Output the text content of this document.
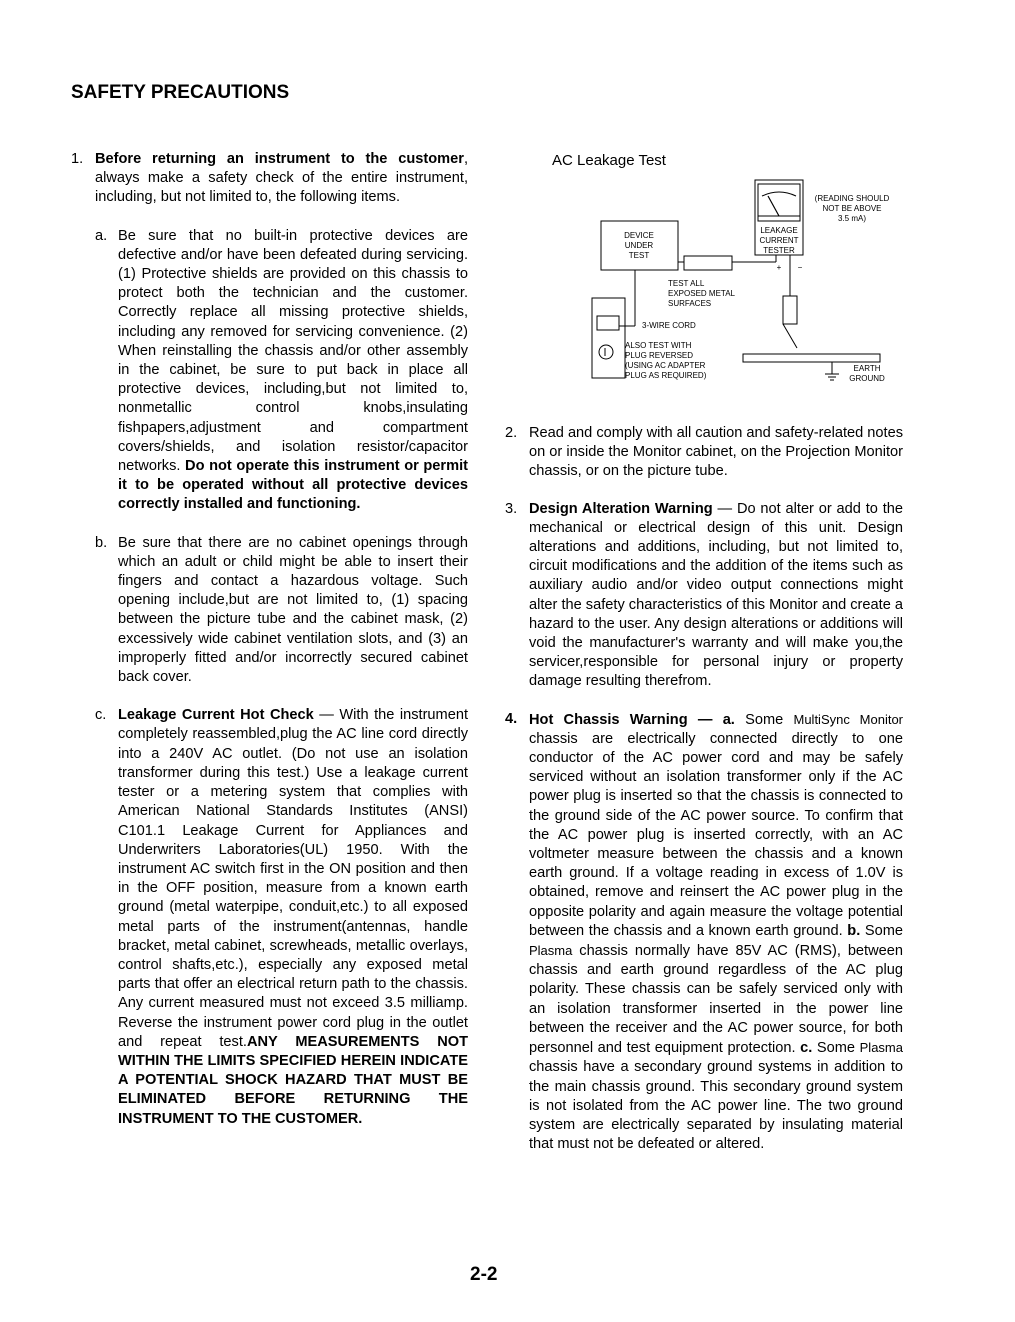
SAFETY PRECAUTIONS
1. Before returning an instrument to the customer, always make a safety check of the entire instrument, including, but not limited to, the following items.
a. Be sure that no built-in protective devices are defective and/or have been defeated during servicing. (1) Protective shields are provided on this chassis to protect both the technician and the customer. Correctly replace all missing protective shields, including any removed for servicing convenience. (2) When reinstalling the chassis and/or other assembly in the cabinet, be sure to put back in place all protective devices, including,but not limited to, nonmetallic control knobs,insulating fishpapers,adjustment and compartment covers/shields, and isolation resistor/capacitor networks. Do not operate this instrument or permit it to be operated without all protective devices correctly installed and functioning.
b. Be sure that there are no cabinet openings through which an adult or child might be able to insert their fingers and contact a hazardous voltage. Such opening include,but are not limited to, (1) spacing between the picture tube and the cabinet mask, (2) excessively wide cabinet ventilation slots, and (3) an improperly fitted and/or incorrectly secured cabinet back cover.
c. Leakage Current Hot Check — With the instrument completely reassembled,plug the AC line cord directly into a 240V AC outlet. (Do not use an isolation transformer during this test.) Use a leakage current tester or a metering system that complies with American National Standards Institutes (ANSI) C101.1 Leakage Current for Appliances and Underwriters Laboratories(UL) 1950. With the instrument AC switch first in the ON position and then in the OFF position, measure from a known earth ground (metal waterpipe, conduit,etc.) to all exposed metal parts of the instrument(antennas, handle bracket, metal cabinet, screwheads, metallic overlays, control shafts,etc.), especially any exposed metal parts that offer an electrical return path to the chassis. Any current measured must not exceed 3.5 milliamp. Reverse the instrument power cord plug in the outlet and repeat test.ANY MEASUREMENTS NOT WITHIN THE LIMITS SPECIFIED HEREIN INDICATE A POTENTIAL SHOCK HAZARD THAT MUST BE ELIMINATED BEFORE RETURNING THE INSTRUMENT TO THE CUSTOMER.

AC Leakage Test

DEVICE
UNDER
TEST
LEAKAGE
CURRENT
TESTER
(READING SHOULD
NOT BE ABOVE
3.5 mA)
+ −
EARTH
GROUND
TEST ALL
EXPOSED METAL
SURFACES
3-WIRE CORD
ALSO TEST WITH
PLUG REVERSED
(USING AC ADAPTER
PLUG AS REQUIRED)
2. Read and comply with all caution and safety-related notes on or inside the Monitor cabinet, on the Projection Monitor chassis, or on the picture tube.
3. Design Alteration Warning — Do not alter or add to the mechanical or electrical design of this unit. Design alterations and additions, including, but not limited to, circuit modifications and the addition of the items such as auxiliary audio and/or video output connections might alter the safety characteristics of this Monitor and create a hazard to the user. Any design alterations or additions will void the manufacturer's warranty and will make you,the servicer,responsible for personal injury or property damage resulting therefrom.
4. Hot Chassis Warning — a. Some MultiSync Monitor chassis are electrically connected directly to one conductor of the AC power cord and may be safely serviced without an isolation transformer only if the AC power plug is inserted so that the chassis is connected to the ground side of the AC power source. To confirm that the AC power plug is inserted correctly, with an AC voltmeter measure between the chassis and a known earth ground. If a voltage reading in excess of 1.0V is obtained, remove and reinsert the AC power plug in the opposite polarity and again measure the voltage potential between the chassis and a known earth ground. b. Some Plasma chassis normally have 85V AC (RMS), between chassis and earth ground regardless of the AC plug polarity. These chassis can be safely serviced only with an isolation transformer inserted in the power line between the receiver and the AC power source, for both personnel and test equipment protection. c. Some Plasma chassis have a secondary ground systems in addition to the main chassis ground. This secondary ground system is not isolated from the AC power line. The two ground system are electrically separated by insulating material that must not be defeated or altered.
2-2
